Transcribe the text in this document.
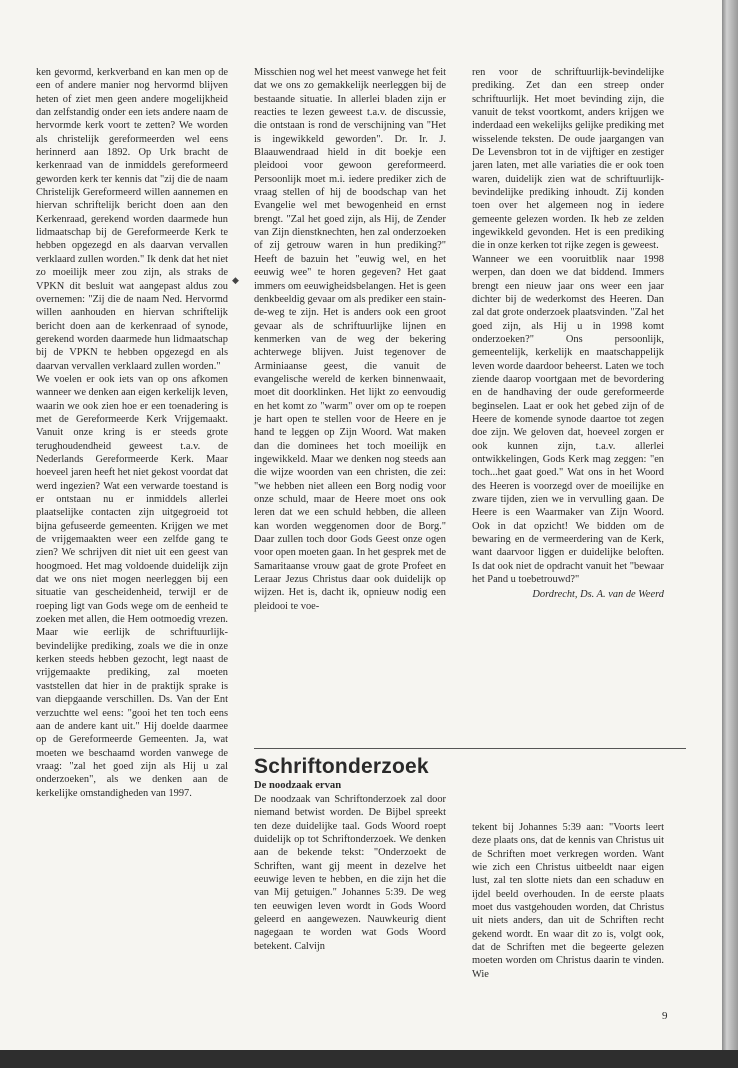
ken gevormd, kerkverband en kan men op de een of andere manier nog hervormd blijven heten of ziet men geen andere mogelijkheid dan zelfstandig onder een iets andere naam de hervormde kerk voort te zetten? We worden als christelijk gereformeerden wel eens herinnerd aan 1892. Op Urk bracht de kerkenraad van de inmiddels gereformeerd geworden kerk ter kennis dat "zij die de naam Christelijk Gereformeerd willen aannemen en hiervan schriftelijk bericht doen aan den Kerkenraad, gerekend worden daarmede hun lidmaatschap bij de Gereformeerde Kerk te hebben opgezegd en als daarvan vervallen verklaard zullen worden." Ik denk dat het niet zo moeilijk meer zou zijn, als straks de VPKN dit besluit wat aangepast aldus zou overnemen: "Zij die de naam Ned. Hervormd willen aanhouden en hiervan schriftelijk bericht doen aan de kerkenraad of synode, gerekend worden daarmede hun lidmaatschap bij de VPKN te hebben opgezegd en als daarvan vervallen verklaard zullen worden."

We voelen er ook iets van op ons afkomen wanneer we denken aan eigen kerkelijk leven, waarin we ook zien hoe er een toenadering is met de Gereformeerde Kerk Vrijgemaakt. Vanuit onze kring is er steeds grote terughoudendheid geweest t.a.v. de Nederlands Gereformeerde Kerk. Maar hoeveel jaren heeft het niet gekost voordat dat werd ingezien? Wat een verwarde toestand is er ontstaan nu er inmiddels allerlei plaatselijke contacten zijn uitgegroeid tot bijna gefuseerde gemeenten. Krijgen we met de vrijgemaakten weer een zelfde gang te zien? We schrijven dit niet uit een geest van hoogmoed. Het mag voldoende duidelijk zijn dat we ons niet mogen neerleggen bij een situatie van gescheidenheid, terwijl er de roeping ligt van Gods wege om de eenheid te zoeken met allen, die Hem ootmoedig vrezen. Maar wie eerlijk de schriftuurlijk-bevindelijke prediking, zoals we die in onze kerken steeds hebben gezocht, legt naast de vrijgemaakte prediking, zal moeten vaststellen dat hier in de praktijk sprake is van diepgaande verschillen. Ds. Van der Ent verzuchtte wel eens: "gooi het ten toch eens aan de andere kant uit." Hij doelde daarmee op de Gereformeerde Gemeenten. Ja, wat moeten we beschaamd worden vanwege de vraag: "zal het goed zijn als Hij u zal onderzoeken", als we denken aan de kerkelijke omstandigheden van 1997.

◆

Misschien nog wel het meest vanwege het feit dat we ons zo gemakkelijk neerleggen bij de bestaande situatie. In allerlei bladen zijn er reacties te lezen geweest t.a.v. de discussie, die ontstaan is rond de verschijning van "Het is ingewikkeld geworden". Dr. Ir. J. Blaauwendraad hield in dit boekje een pleidooi voor gewoon gereformeerd. Persoonlijk moet m.i. iedere prediker zich de vraag stellen of hij de boodschap van het Evangelie wel met bewogenheid en ernst brengt. "Zal het goed zijn, als Hij, de Zender van Zijn dienstknechten, hen zal onderzoeken of zij getrouw waren in hun prediking?" Heeft de bazuin het "euwig wel, en het eeuwig wee" te horen gegeven? Het gaat immers om eeuwigheidsbelangen. Het is geen denkbeeldig gevaar om als prediker een stain-de-weg te zijn. Het is anders ook een groot gevaar als de schriftuurlijke lijnen en kenmerken van de weg der bekering achterwege blijven. Juist tegenover de Arminiaanse geest, die vanuit de evangelische wereld de kerken binnenwaait, moet dit doorklinken. Het lijkt zo eenvoudig en het komt zo "warm" over om op te roepen je hart open te stellen voor de Heere en je hand te leggen op Zijn Woord. Wat maken dan die dominees het toch moeilijk en ingewikkeld. Maar we denken nog steeds aan die wijze woorden van een christen, die zei: "we hebben niet alleen een Borg nodig voor onze schuld, maar de Heere moet ons ook leren dat we een schuld hebben, die alleen kan worden weggenomen door de Borg." Daar zullen toch door Gods Geest onze ogen voor open moeten gaan. In het gesprek met de Samaritaanse vrouw gaat de grote Profeet en Leraar Jezus Christus daar ook duidelijk op wijzen. Het is, dacht ik, opnieuw nodig een pleidooi te voe-

ren voor de schriftuurlijk-bevindelijke prediking. Zet dan een streep onder schriftuurlijk. Het moet bevinding zijn, die vanuit de tekst voortkomt, anders krijgen we inderdaad een wekelijks gelijke prediking met wisselende teksten. De oude jaargangen van De Levensbron tot in de vijftiger en zestiger jaren laten, met alle variaties die er ook toen waren, duidelijk zien wat de schriftuurlijk-bevindelijke prediking inhoudt. Zij konden toen over het algemeen nog in iedere gemeente gelezen worden. Ik heb ze zelden ingewikkeld gevonden. Het is een prediking die in onze kerken tot rijke zegen is geweest.

Wanneer we een vooruitblik naar 1998 werpen, dan doen we dat biddend. Immers brengt een nieuw jaar ons weer een jaar dichter bij de wederkomst des Heeren. Dan zal dat grote onderzoek plaatsvinden. "Zal het goed zijn, als Hij u in 1998 komt onderzoeken?" Ons persoonlijk, gemeentelijk, kerkelijk en maatschappelijk leven worde daardoor beheerst. Laten we toch ziende daarop voortgaan met de bevordering en de handhaving der oude gereformeerde beginselen. Laat er ook het gebed zijn of de Heere de komende synode daartoe tot zegen doe zijn. We geloven dat, hoeveel zorgen er ook kunnen zijn, t.a.v. allerlei ontwikkelingen, Gods Kerk mag zeggen: "en toch...het gaat goed." Wat ons in het Woord des Heeren is voorzegd over de moeilijke en zware tijden, zien we in vervulling gaan. De Heere is een Waarmaker van Zijn Woord. Ook in dat opzicht! We bidden om de bewaring en de vermeerdering van de Kerk, want daarvoor liggen er duidelijke beloften. Is dat ook niet de opdracht vanuit het "bewaar het Pand u toebetrouwd?"

Dordrecht, Ds. A. van de Weerd

Schriftonderzoek
De noodzaak ervan

De noodzaak van Schriftonderzoek zal door niemand betwist worden. De Bijbel spreekt ten deze duidelijke taal. Gods Woord roept duidelijk op tot Schriftonderzoek. We denken aan de bekende tekst: "Onderzoekt de Schriften, want gij meent in dezelve het eeuwige leven te hebben, en die zijn het die van Mij getuigen." Johannes 5:39. De weg ten eeuwigen leven wordt in Gods Woord geleerd en aangewezen. Nauwkeurig dient nagegaan te worden wat Gods Woord betekent. Calvijn

tekent bij Johannes 5:39 aan: "Voorts leert deze plaats ons, dat de kennis van Christus uit de Schriften moet verkregen worden. Want wie zich een Christus uitbeeldt naar eigen lust, zal ten slotte niets dan een schaduw en ijdel beeld overhouden. In de eerste plaats moet dus vastgehouden worden, dat Christus uit niets anders, dan uit de Schriften recht gekend wordt. En waar dit zo is, volgt ook, dat de Schriften met die begeerte gelezen moeten worden om Christus daarin te vinden. Wie

9
